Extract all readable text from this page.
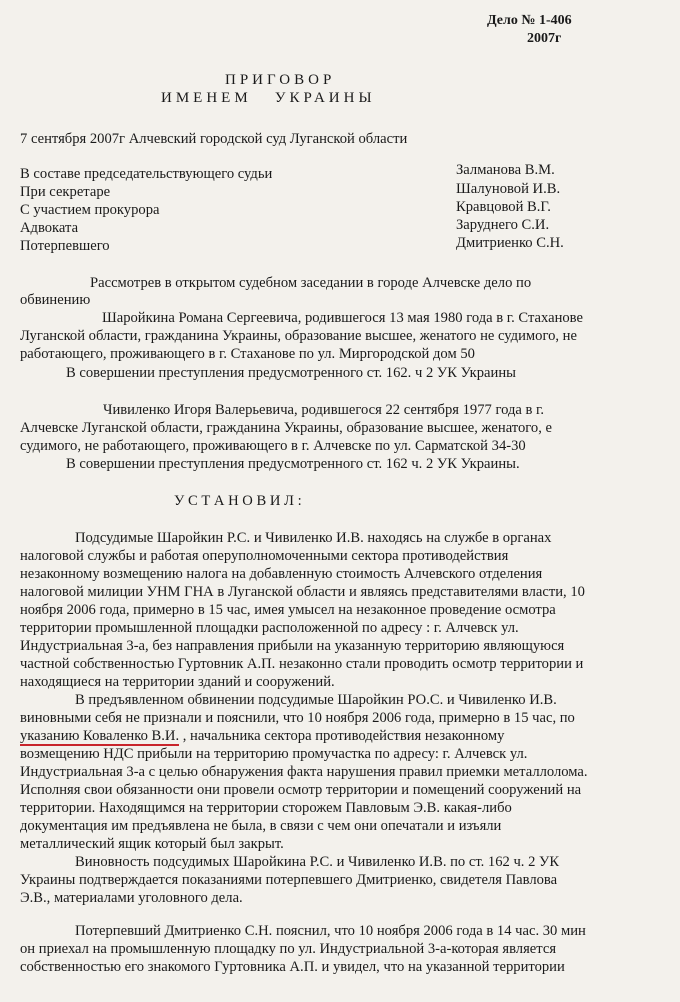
Дело № 1-406
2007г
ПРИГОВОР
ИМЕНЕМ   УКРАИНЫ
7 сентября 2007г Алчевский городской суд Луганской области
В составе председательствующего судьи	Залманова В.М.
При секретаре	Шалуновой И.В.
С участием прокурора	Кравцовой В.Г.
Адвоката	Заруднего С.И.
Потерпевшего	Дмитриенко С.Н.
Рассмотрев в открытом судебном заседании в городе Алчевске дело по
обвинению
Шаройкина Романа Сергеевича, родившегося 13 мая 1980 года в г. Стаханове
Луганской области, гражданина Украины, образование высшее, женатого не судимого, не
работающего, проживающего в г. Стаханове по ул. Миргородской дом 50
В совершении преступления предусмотренного ст. 162. ч 2 УК Украины
Чивиленко Игоря Валерьевича, родившегося 22 сентября 1977 года в г.
Алчевске Луганской области, гражданина Украины, образование высшее, женатого, е
судимого, не работающего, проживающего в г. Алчевске по ул. Сарматской 34-30
В совершении преступления предусмотренного ст. 162 ч. 2 УК Украины.
У С Т А Н О В И Л :
Подсудимые Шаройкин Р.С. и Чивиленко И.В. находясь на службе в органах
налоговой службы и работая оперуполномоченными сектора противодействия
незаконному возмещению налога на добавленную стоимость Алчевского отделения
налоговой милиции УНМ ГНА в Луганской области и являясь представителями власти, 10
ноября 2006 года, примерно в 15 час, имея умысел на незаконное проведение осмотра
территории промышленной площадки расположенной по адресу : г. Алчевск ул.
Индустриальная 3-а, без направления прибыли на указанную территорию являющуюся
частной собственностью Гуртовник А.П. незаконно стали проводить осмотр территории и
находящиеся на территории зданий и сооружений.
В предъявленном обвинении подсудимые Шаройкин РО.С. и Чивиленко И.В.
виновными себя не признали и пояснили, что 10 ноября 2006 года, примерно в 15 час, по
указанию Коваленко В.И. , начальника сектора противодействия незаконному
возмещению НДС прибыли на территорию промучастка по адресу: г. Алчевск ул.
Индустриальная 3-а с целью обнаружения факта нарушения правил приемки металлолома.
Исполняя свои обязанности они провели осмотр территории и помещений сооружений на
территории. Находящимся на территории сторожем Павловым Э.В. какая-либо
документация им предъявлена не была, в связи с чем они опечатали и изъяли
металлический ящик который был закрыт.
Виновность подсудимых Шаройкина Р.С. и Чивиленко И.В. по ст. 162 ч. 2 УК
Украины подтверждается показаниями потерпевшего Дмитриенко, свидетеля Павлова
Э.В., материалами уголовного дела.
Потерпевший Дмитриенко С.Н. пояснил, что 10 ноября 2006 года в 14 час. 30 мин
он приехал на промышленную площадку по ул. Индустриальной 3-а-которая является
собственностью его знакомого Гуртовника А.П. и увидел, что на указанной территории
